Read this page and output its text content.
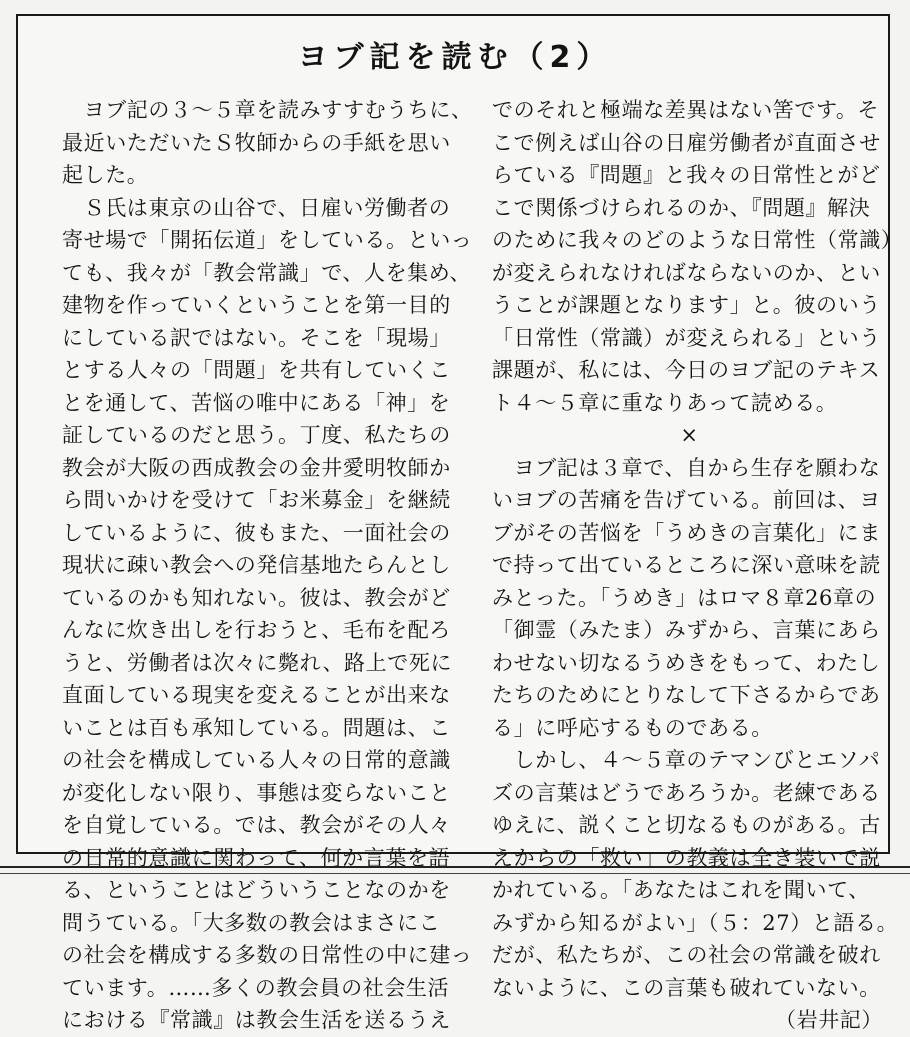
ヨブ記を読む（2）
　ヨブ記の３～５章を読みすすむうちに、
最近いただいたＳ牧師からの手紙を思い
起した。
　Ｓ氏は東京の山谷で、日雇い労働者の
寄せ場で「開拓伝道」をしている。といっ
ても、我々が「教会常識」で、人を集め、
建物を作っていくということを第一目的
にしている訳ではない。そこを「現場」
とする人々の「問題」を共有していくこ
とを通して、苦悩の唯中にある「神」を
証しているのだと思う。丁度、私たちの
教会が大阪の西成教会の金井愛明牧師か
ら問いかけを受けて「お米募金」を継続
しているように、彼もまた、一面社会の
現状に疎い教会への発信基地たらんとし
ているのかも知れない。彼は、教会がど
んなに炊き出しを行おうと、毛布を配ろ
うと、労働者は次々に斃れ、路上で死に
直面している現実を変えることが出来な
いことは百も承知している。問題は、こ
の社会を構成している人々の日常的意識
が変化しない限り、事態は変らないこと
を自覚している。では、教会がその人々
の日常的意識に関わって、何か言葉を語
る、ということはどういうことなのかを
問うている。「大多数の教会はまさにこ
の社会を構成する多数の日常性の中に建っ
ています。……多くの教会員の社会生活
における『常識』は教会生活を送るうえ
でのそれと極端な差異はない筈です。そ
こで例えば山谷の日雇労働者が直面させ
らている『問題』と我々の日常性とがど
こで関係づけられるのか、『問題』解決
のために我々のどのような日常性（常識）
が変えられなければならないのか、とい
うことが課題となります」と。彼のいう
「日常性（常識）が変えられる」という
課題が、私には、今日のヨブ記のテキス
ト４～５章に重なりあって読める。
×
　ヨブ記は３章で、自から生存を願わな
いヨブの苦痛を告げている。前回は、ヨ
ブがその苦悩を「うめきの言葉化」にま
で持って出ているところに深い意味を読
みとった。「うめき」はロマ８章26章の
「御霊（みたま）みずから、言葉にあら
わせない切なるうめきをもって、わたし
たちのためにとりなして下さるからであ
る」に呼応するものである。
　しかし、４～５章のテマンびとエソパ
ズの言葉はどうであろうか。老練である
ゆえに、説くこと切なるものがある。古
えからの「救い」の教義は全き装いで説
かれている。「あなたはこれを聞いて、
みずから知るがよい」（５：27）と語る。
だが、私たちが、この社会の常識を破れ
ないように、この言葉も破れていない。
（岩井記）
